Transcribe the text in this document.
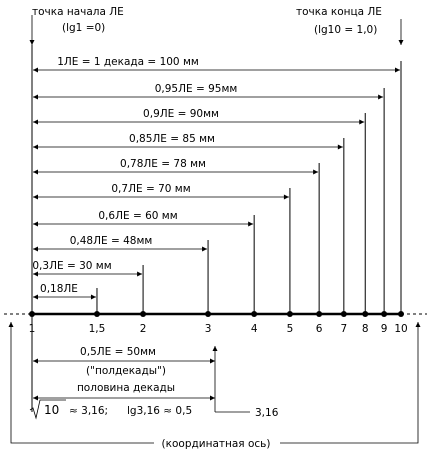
точка начала ЛЕ
(lg1 =0)
точка конца ЛЕ
(lg10 = 1,0)
1ЛЕ = 1 декада = 100 мм
0,95ЛЕ = 95мм
0,9ЛЕ = 90мм
0,85ЛЕ = 85 мм
0,78ЛЕ = 78 мм
0,7ЛЕ = 70 мм
0,6ЛЕ = 60 мм
0,48ЛЕ = 48мм
0,3ЛЕ = 30 мм
0,18ЛЕ
1	1,5	2	3	4	5 6 7 8 9 10
0,5ЛЕ = 50мм
("полдекады")
половина декады
3,16
10 ≈ 3,16; lg3,16 ≈ 0,5
(координатная ось)
